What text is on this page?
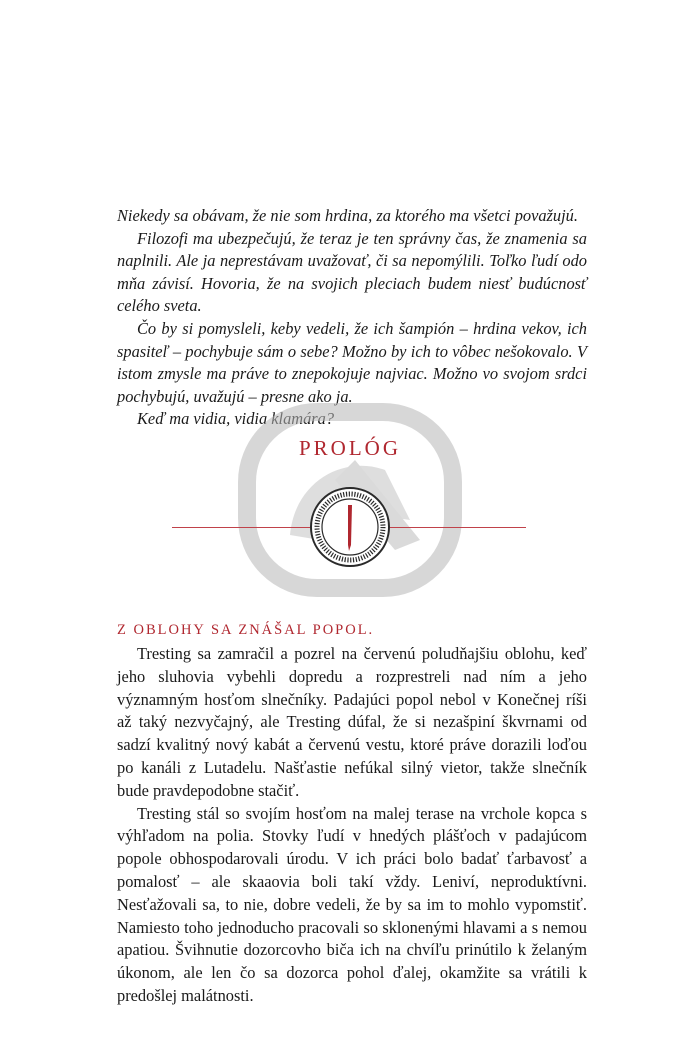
Niekedy sa obávam, že nie som hrdina, za ktorého ma všetci považujú.

Filozofi ma ubezpečujú, že teraz je ten správny čas, že znamenia sa naplnili. Ale ja neprestávam uvažovať, či sa nepomýlili. Toľko ľudí odo mňa závisí. Hovoria, že na svojich pleciach budem niesť budúcnosť celého sveta.

Čo by si pomysleli, keby vedeli, že ich šampión – hrdina vekov, ich spasiteľ – pochybuje sám o sebe? Možno by ich to vôbec nešokovalo. V istom zmysle ma práve to znepokojuje najviac. Možno vo svojom srdci pochybujú, uvažujú – presne ako ja.

Keď ma vidia, vidia klamára?

PROLÓG
Z OBLOHY SA ZNÁŠAL POPOL.

Tresting sa zamračil a pozrel na červenú poludňajšiu oblohu, keď jeho sluhovia vybehli dopredu a rozprestreli nad ním a jeho významným hosťom slnečníky. Padajúci popol nebol v Konečnej ríši až taký nezvyčajný, ale Tresting dúfal, že si nezašpiní škvrnami od sadzí kvalitný nový kabát a červenú vestu, ktoré práve dorazili loďou po kanáli z Lutadelu. Našťastie nefúkal silný vietor, takže slnečník bude pravdepodobne stačiť.

Tresting stál so svojím hosťom na malej terase na vrchole kopca s výhľadom na polia. Stovky ľudí v hnedých plášťoch v padajúcom popole obhospodarovali úrodu. V ich práci bolo badať ťarbavosť a pomalosť – ale skaaovia boli takí vždy. Leniví, neproduktívni. Nesťažovali sa, to nie, dobre vedeli, že by sa im to mohlo vypomstiť. Namiesto toho jednoducho pracovali so sklonenými hlavami a s nemou apatiou. Švihnutie dozorcovho biča ich na chvíľu prinútilo k želaným úkonom, ale len čo sa dozorca pohol ďalej, okamžite sa vrátili k predošlej malátnosti.
